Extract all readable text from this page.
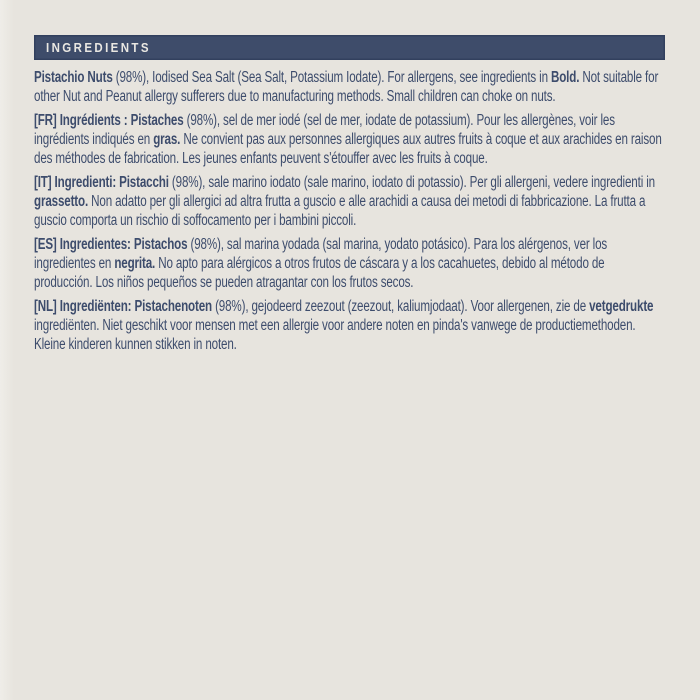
INGREDIENTS

Pistachio Nuts (98%), Iodised Sea Salt (Sea Salt, Potassium Iodate). For allergens, see ingredients in Bold. Not suitable for other Nut and Peanut allergy sufferers due to manufacturing methods. Small children can choke on nuts.

[FR] Ingrédients : Pistaches (98%), sel de mer iodé (sel de mer, iodate de potassium). Pour les allergènes, voir les ingrédients indiqués en gras. Ne convient pas aux personnes allergiques aux autres fruits à coque et aux arachides en raison des méthodes de fabrication. Les jeunes enfants peuvent s'étouffer avec les fruits à coque.

[IT] Ingredienti: Pistacchi (98%), sale marino iodato (sale marino, iodato di potassio). Per gli allergeni, vedere ingredienti in grassetto. Non adatto per gli allergici ad altra frutta a guscio e alle arachidi a causa dei metodi di fabbricazione. La frutta a guscio comporta un rischio di soffocamento per i bambini piccoli.

[ES] Ingredientes: Pistachos (98%), sal marina yodada (sal marina, yodato potásico). Para los alérgenos, ver los ingredientes en negrita. No apto para alérgicos a otros frutos de cáscara y a los cacahuetes, debido al método de producción. Los niños pequeños se pueden atragantar con los frutos secos.

[NL] Ingrediënten: Pistachenoten (98%), gejodeerd zeezout (zeezout, kaliumjodaat). Voor allergenen, zie de vetgedrukte ingrediënten. Niet geschikt voor mensen met een allergie voor andere noten en pinda's vanwege de productiemethoden. Kleine kinderen kunnen stikken in noten.
